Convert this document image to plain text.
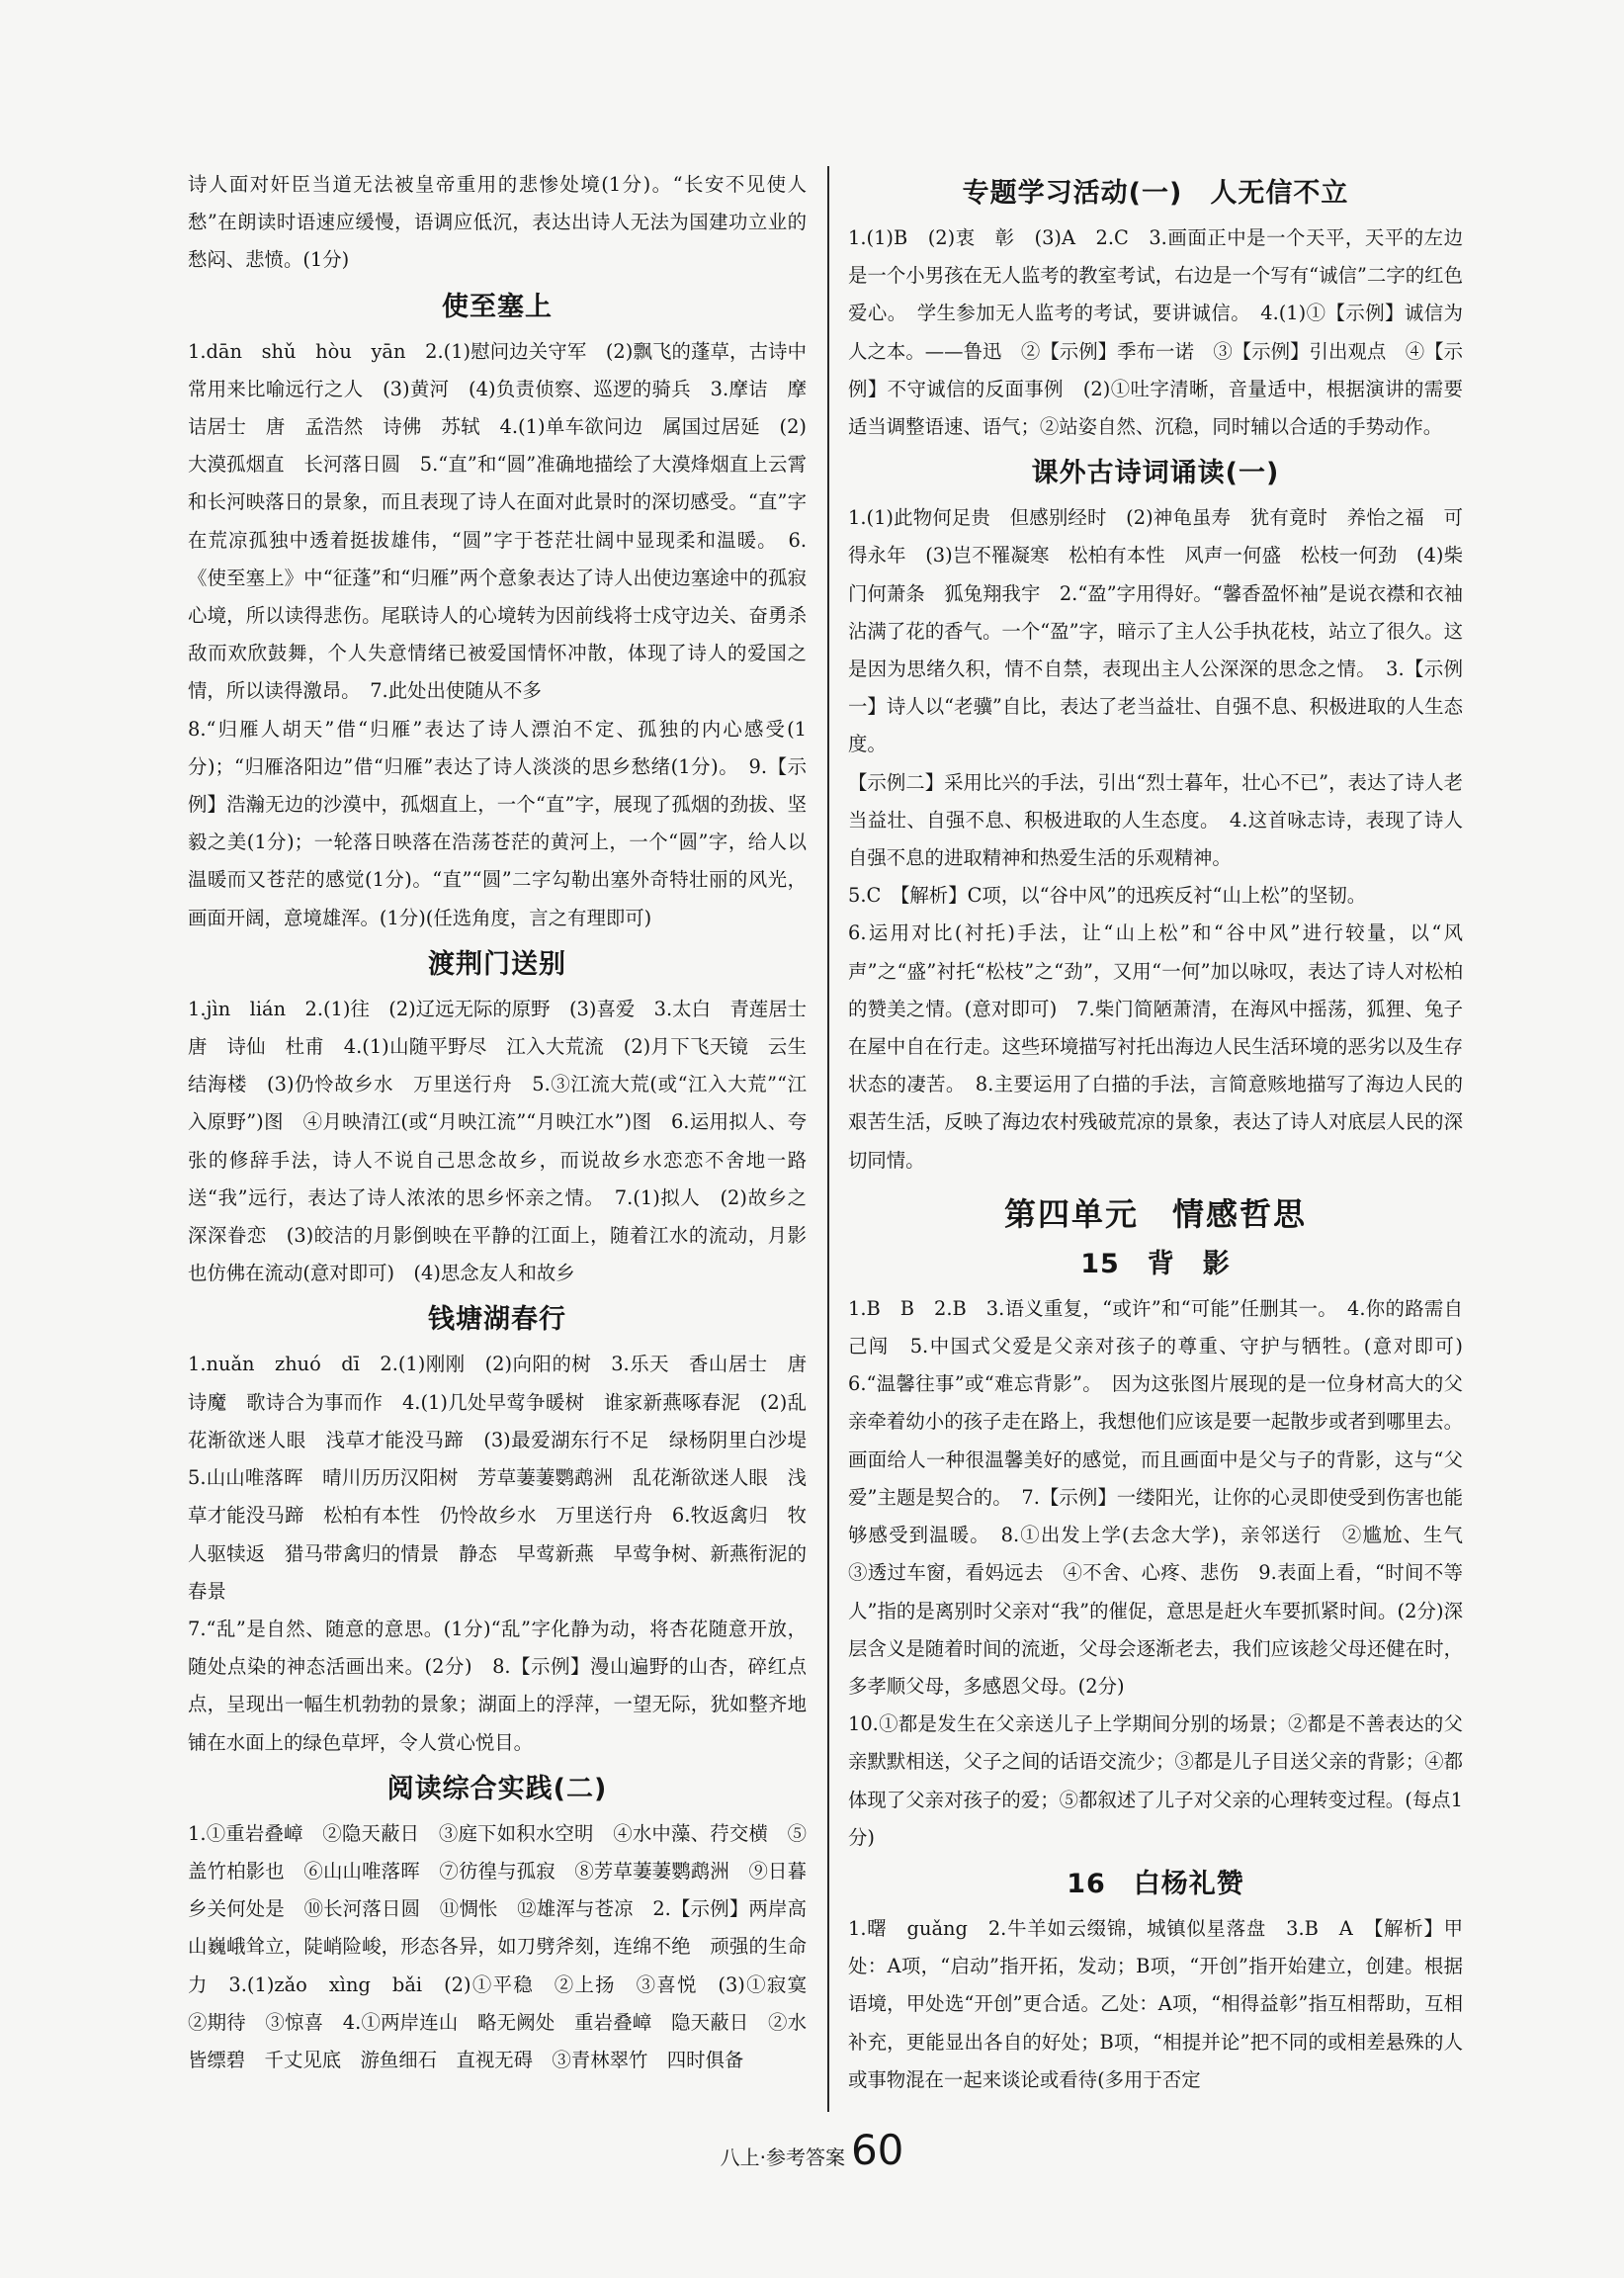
诗人面对奸臣当道无法被皇帝重用的悲惨处境(1分)。“长安不见使人愁”在朗读时语速应缓慢，语调应低沉，表达出诗人无法为国建功立业的愁闷、悲愤。(1分)

使至塞上

1.dān　shǔ　hòu　yān　2.(1)慰问边关守军　(2)飘飞的蓬草，古诗中常用来比喻远行之人　(3)黄河　(4)负责侦察、巡逻的骑兵　3.摩诘　摩诘居士　唐　孟浩然　诗佛　苏轼　4.(1)单车欲问边　属国过居延　(2)大漠孤烟直　长河落日圆　5.“直”和“圆”准确地描绘了大漠烽烟直上云霄和长河映落日的景象，而且表现了诗人在面对此景时的深切感受。“直”字在荒凉孤独中透着挺拔雄伟，“圆”字于苍茫壮阔中显现柔和温暖。　6.《使至塞上》中“征蓬”和“归雁”两个意象表达了诗人出使边塞途中的孤寂心境，所以读得悲伤。尾联诗人的心境转为因前线将士戍守边关、奋勇杀敌而欢欣鼓舞，个人失意情绪已被爱国情怀冲散，体现了诗人的爱国之情，所以读得激昂。　7.此处出使随从不多

8.“归雁人胡天”借“归雁”表达了诗人漂泊不定、孤独的内心感受(1分)；“归雁洛阳边”借“归雁”表达了诗人淡淡的思乡愁绪(1分)。　9.【示例】浩瀚无边的沙漠中，孤烟直上，一个“直”字，展现了孤烟的劲拔、坚毅之美(1分)；一轮落日映落在浩荡苍茫的黄河上，一个“圆”字，给人以温暖而又苍茫的感觉(1分)。“直”“圆”二字勾勒出塞外奇特壮丽的风光，画面开阔，意境雄浑。(1分)(任选角度，言之有理即可)

渡荆门送别

1.jìn　lián　2.(1)往　(2)辽远无际的原野　(3)喜爱　3.太白　青莲居士　唐　诗仙　杜甫　4.(1)山随平野尽　江入大荒流　(2)月下飞天镜　云生结海楼　(3)仍怜故乡水　万里送行舟　5.③江流大荒(或“江入大荒”“江入原野”)图　④月映清江(或“月映江流”“月映江水”)图　6.运用拟人、夸张的修辞手法，诗人不说自己思念故乡，而说故乡水恋恋不舍地一路送“我”远行，表达了诗人浓浓的思乡怀亲之情。　7.(1)拟人　(2)故乡之深深眷恋　(3)皎洁的月影倒映在平静的江面上，随着江水的流动，月影也仿佛在流动(意对即可)　(4)思念友人和故乡

钱塘湖春行

1.nuǎn　zhuó　dī　2.(1)刚刚　(2)向阳的树　3.乐天　香山居士　唐　诗魔　歌诗合为事而作　4.(1)几处早莺争暖树　谁家新燕啄春泥　(2)乱花渐欲迷人眼　浅草才能没马蹄　(3)最爱湖东行不足　绿杨阴里白沙堤　5.山山唯落晖　晴川历历汉阳树　芳草萋萋鹦鹉洲　乱花渐欲迷人眼　浅草才能没马蹄　松柏有本性　仍怜故乡水　万里送行舟　6.牧返禽归　牧人驱犊返　猎马带禽归的情景　静态　早莺新燕　早莺争树、新燕衔泥的春景

7.“乱”是自然、随意的意思。(1分)“乱”字化静为动，将杏花随意开放，随处点染的神态活画出来。(2分)　8.【示例】漫山遍野的山杏，碎红点点，呈现出一幅生机勃勃的景象；湖面上的浮萍，一望无际，犹如整齐地铺在水面上的绿色草坪，令人赏心悦目。

阅读综合实践(二)

1.①重岩叠嶂　②隐天蔽日　③庭下如积水空明　④水中藻、荇交横　⑤盖竹柏影也　⑥山山唯落晖　⑦彷徨与孤寂　⑧芳草萋萋鹦鹉洲　⑨日暮乡关何处是　⑩长河落日圆　⑪惆怅　⑫雄浑与苍凉　2.【示例】两岸高山巍峨耸立，陡峭险峻，形态各异，如刀劈斧刻，连绵不绝　顽强的生命力　3.(1)zǎo　xìng　bǎi　(2)①平稳　②上扬　③喜悦　(3)①寂寞　②期待　③惊喜　4.①两岸连山　略无阙处　重岩叠嶂　隐天蔽日　②水皆缥碧　千丈见底　游鱼细石　直视无碍　③青林翠竹　四时俱备

专题学习活动(一)　人无信不立

1.(1)B　(2)衷　彰　(3)A　2.C　3.画面正中是一个天平，天平的左边是一个小男孩在无人监考的教室考试，右边是一个写有“诚信”二字的红色爱心。　学生参加无人监考的考试，要讲诚信。　4.(1)①【示例】诚信为人之本。——鲁迅　②【示例】季布一诺　③【示例】引出观点　④【示例】不守诚信的反面事例　(2)①吐字清晰，音量适中，根据演讲的需要适当调整语速、语气；②站姿自然、沉稳，同时辅以合适的手势动作。

课外古诗词诵读(一)

1.(1)此物何足贵　但感别经时　(2)神龟虽寿　犹有竟时　养怡之福　可得永年　(3)岂不罹凝寒　松柏有本性　风声一何盛　松枝一何劲　(4)柴门何萧条　狐兔翔我宇　2.“盈”字用得好。“馨香盈怀袖”是说衣襟和衣袖沾满了花的香气。一个“盈”字，暗示了主人公手执花枝，站立了很久。这是因为思绪久积，情不自禁，表现出主人公深深的思念之情。　3.【示例一】诗人以“老骥”自比，表达了老当益壮、自强不息、积极进取的人生态度。

【示例二】采用比兴的手法，引出“烈士暮年，壮心不已”，表达了诗人老当益壮、自强不息、积极进取的人生态度。　4.这首咏志诗，表现了诗人自强不息的进取精神和热爱生活的乐观精神。

5.C　【解析】C项，以“谷中风”的迅疾反衬“山上松”的坚韧。

6.运用对比(衬托)手法，让“山上松”和“谷中风”进行较量，以“风声”之“盛”衬托“松枝”之“劲”，又用“一何”加以咏叹，表达了诗人对松柏的赞美之情。(意对即可)　7.柴门简陋萧清，在海风中摇荡，狐狸、兔子在屋中自在行走。这些环境描写衬托出海边人民生活环境的恶劣以及生存状态的凄苦。　8.主要运用了白描的手法，言简意赅地描写了海边人民的艰苦生活，反映了海边农村残破荒凉的景象，表达了诗人对底层人民的深切同情。

第四单元　情感哲思
15　背　影

1.B　B　2.B　3.语义重复，“或许”和“可能”任删其一。　4.你的路需自己闯　5.中国式父爱是父亲对孩子的尊重、守护与牺牲。(意对即可)　6.“温馨往事”或“难忘背影”。　因为这张图片展现的是一位身材高大的父亲牵着幼小的孩子走在路上，我想他们应该是要一起散步或者到哪里去。画面给人一种很温馨美好的感觉，而且画面中是父与子的背影，这与“父爱”主题是契合的。　7.【示例】一缕阳光，让你的心灵即使受到伤害也能够感受到温暖。　8.①出发上学(去念大学)，亲邻送行　②尴尬、生气　③透过车窗，看妈远去　④不舍、心疼、悲伤　9.表面上看，“时间不等人”指的是离别时父亲对“我”的催促，意思是赶火车要抓紧时间。(2分)深层含义是随着时间的流逝，父母会逐渐老去，我们应该趁父母还健在时，多孝顺父母，多感恩父母。(2分)

10.①都是发生在父亲送儿子上学期间分别的场景；②都是不善表达的父亲默默相送，父子之间的话语交流少；③都是儿子目送父亲的背影；④都体现了父亲对孩子的爱；⑤都叙述了儿子对父亲的心理转变过程。(每点1分)

16　白杨礼赞

1.曙　guǎng　2.牛羊如云缀锦，城镇似星落盘　3.B　A　【解析】甲处：A项，“启动”指开拓，发动；B项，“开创”指开始建立，创建。根据语境，甲处选“开创”更合适。乙处：A项，“相得益彰”指互相帮助，互相补充，更能显出各自的好处；B项，“相提并论”把不同的或相差悬殊的人或事物混在一起来谈论或看待(多用于否定

八上·参考答案 60
